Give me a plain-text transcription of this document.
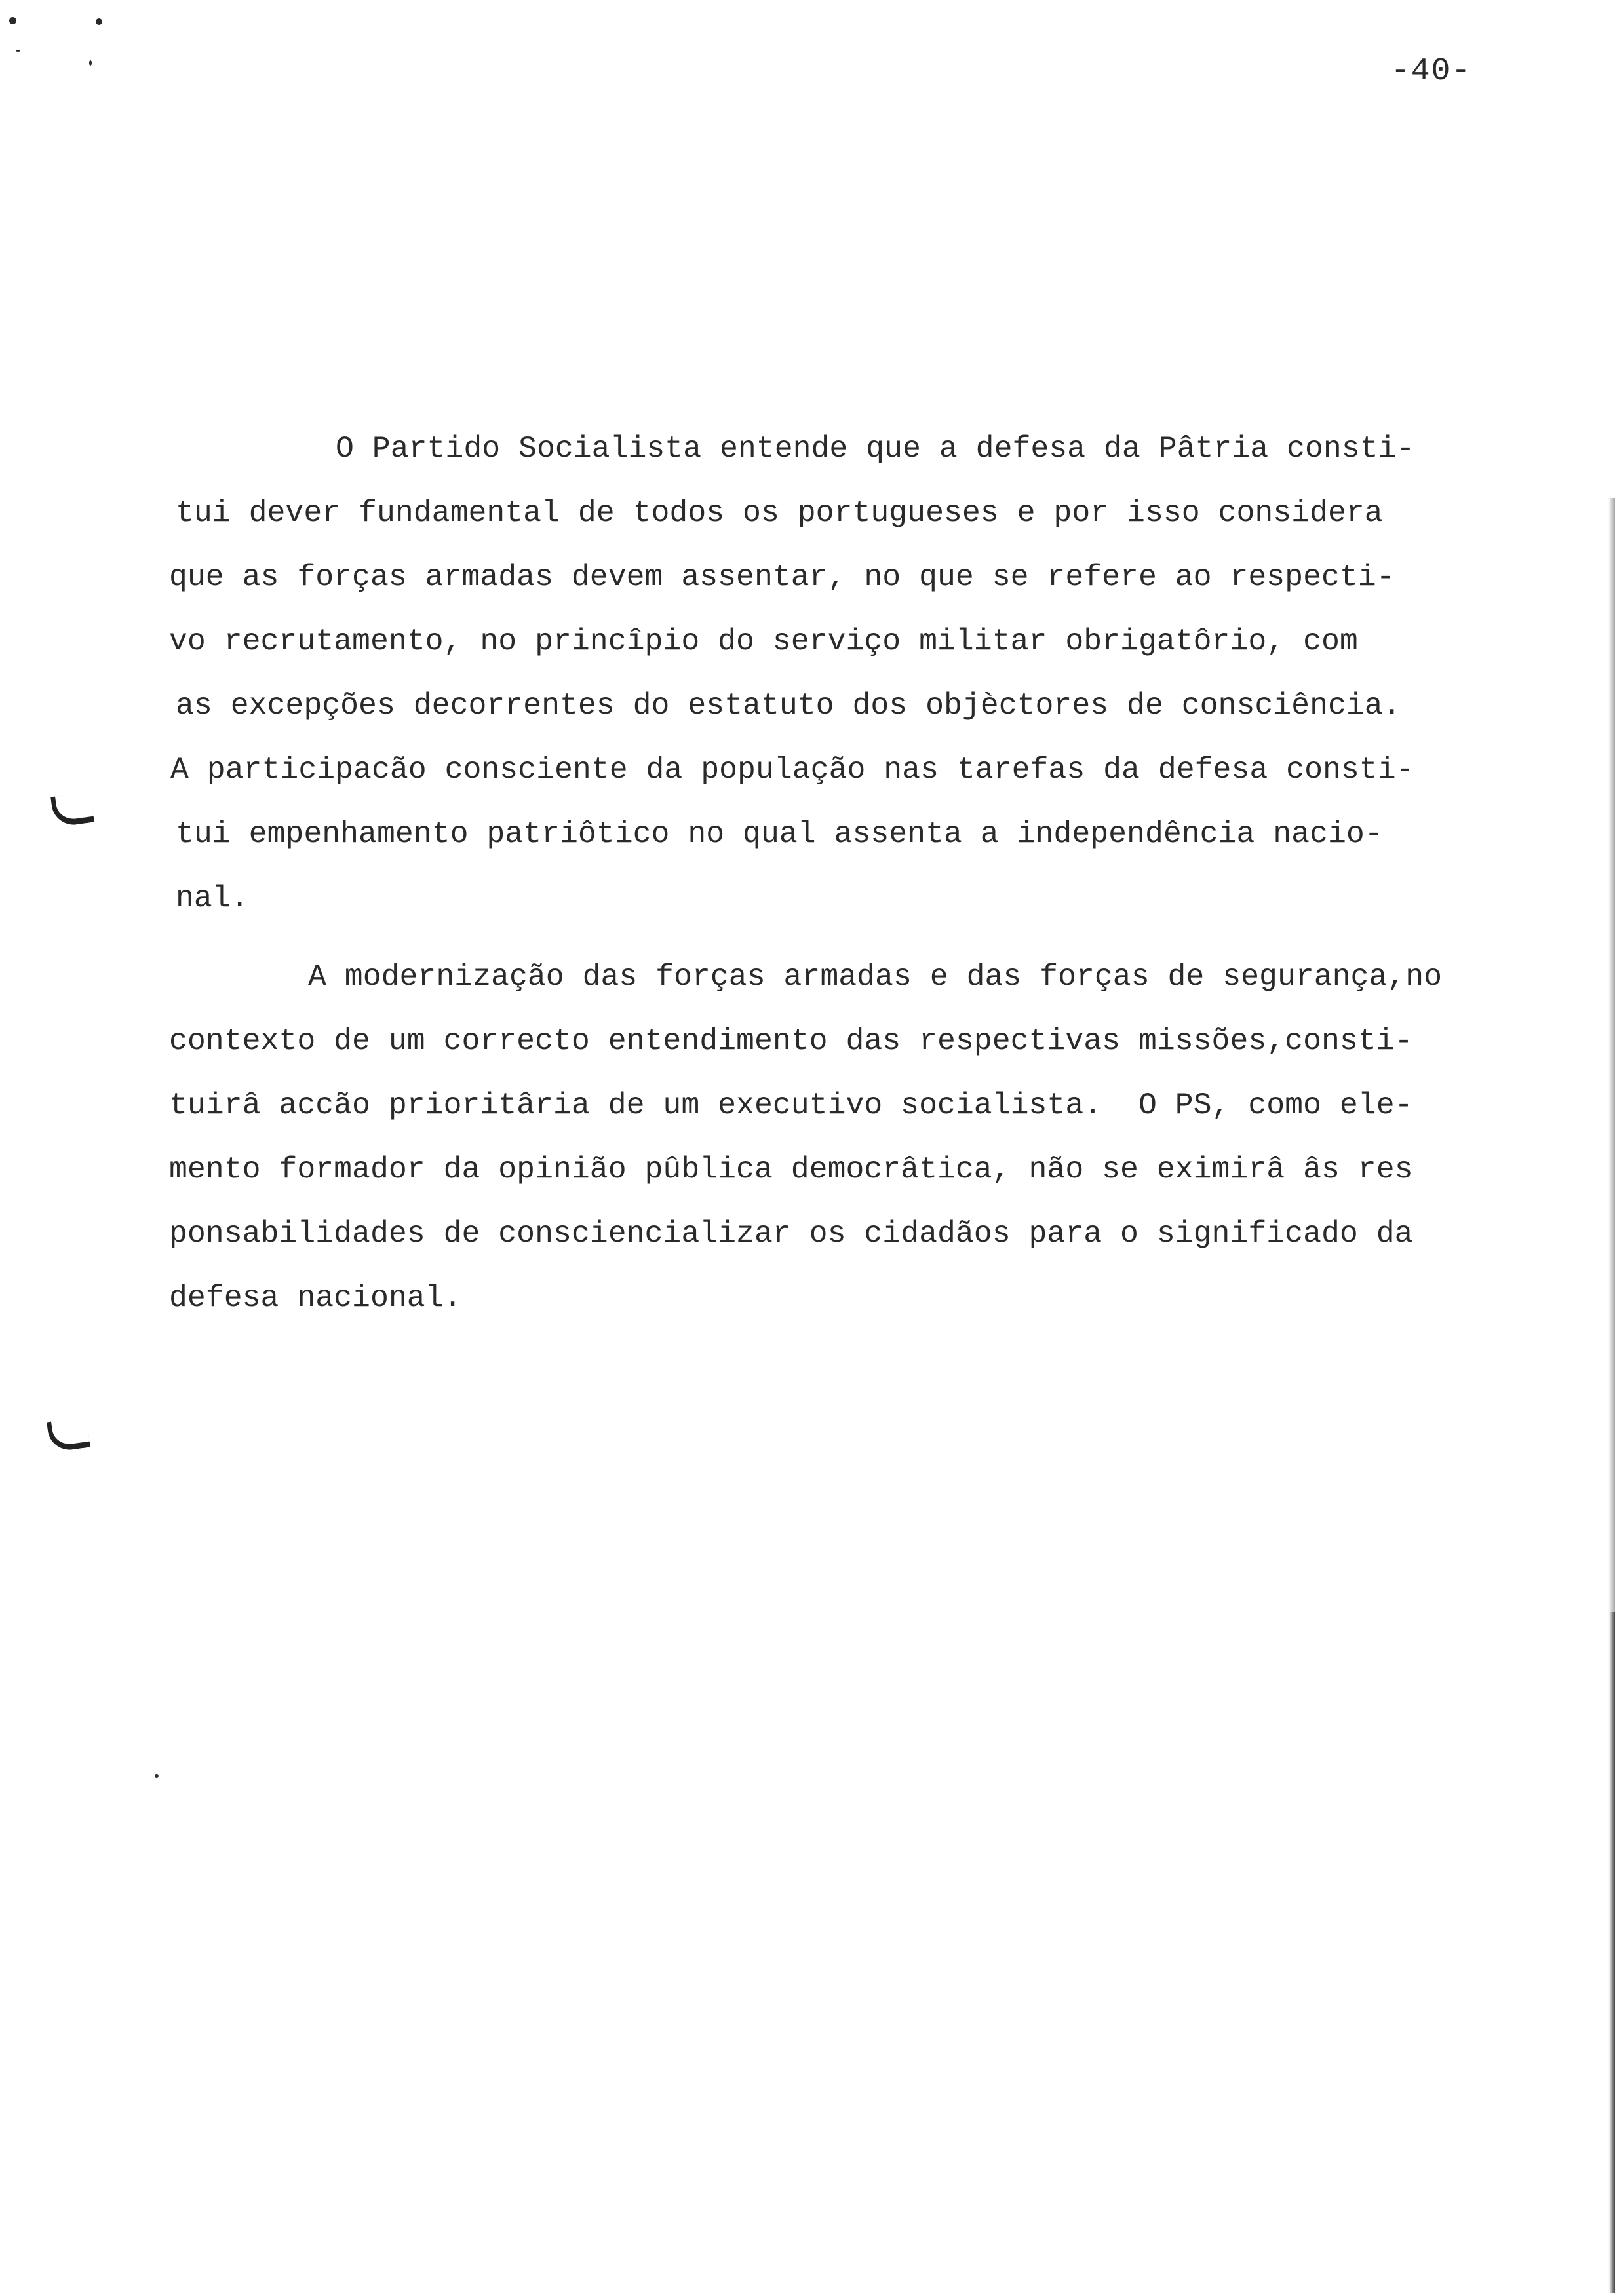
-40-
O Partido Socialista entende que a defesa da Pâtria consti-
tui dever fundamental de todos os portugueses e por isso considera
que as forças armadas devem assentar, no que se refere ao respecti-
vo recrutamento, no princîpio do serviço militar obrigatôrio, com
as excepções decorrentes do estatuto dos objèctores de consciência.
A participacão consciente da população nas tarefas da defesa consti-
tui empenhamento patriôtico no qual assenta a independência nacio-
nal.
A modernização das forças armadas e das forças de segurança,no
contexto de um correcto entendimento das respectivas missões,consti-
tuirâ accão prioritâria de um executivo socialista.  O PS, como ele-
mento formador da opinião pûblica democrâtica, não se eximirâ âs res
ponsabilidades de consciencializar os cidadãos para o significado da
defesa nacional.
